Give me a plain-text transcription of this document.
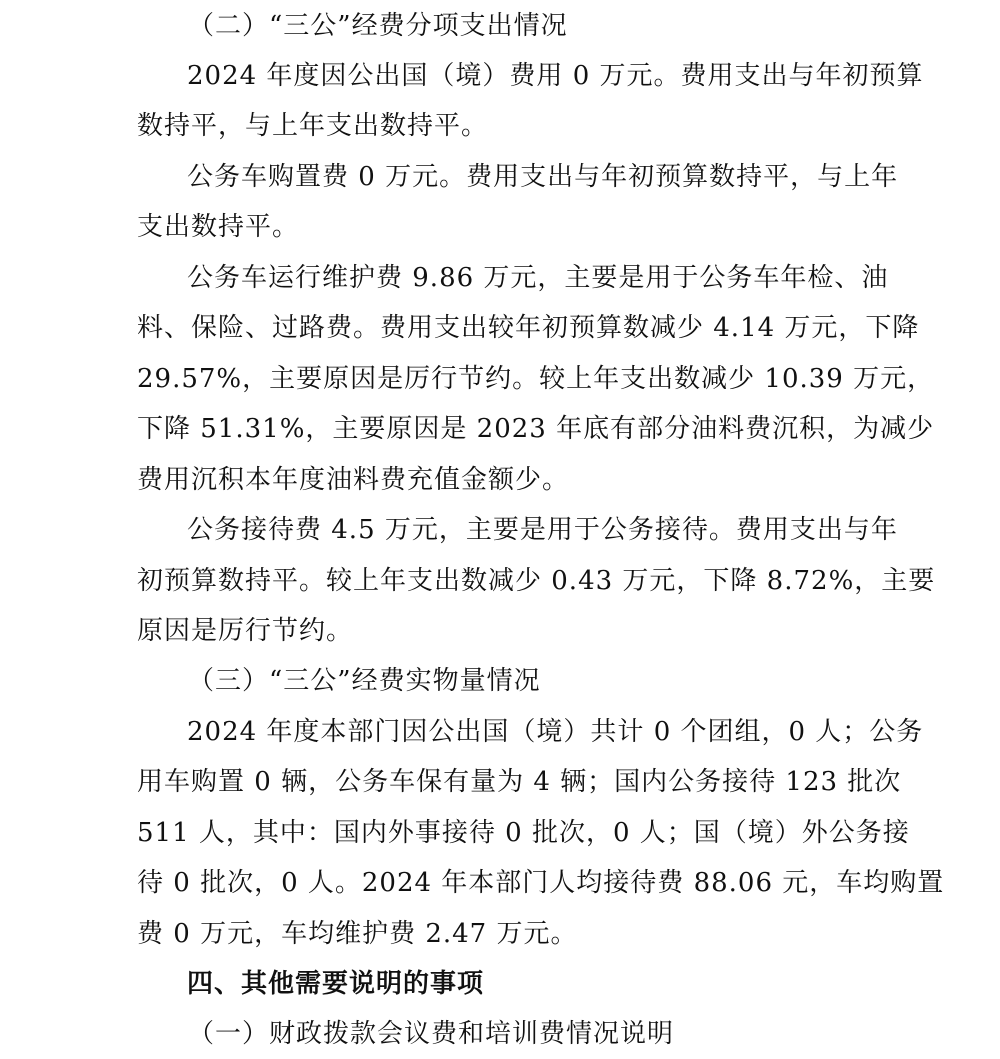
（二）“三公”经费分项支出情况
2024 年度因公出国（境）费用 0 万元。费用支出与年初预算
数持平，与上年支出数持平。
公务车购置费 0 万元。费用支出与年初预算数持平，与上年
支出数持平。
公务车运行维护费 9.86 万元，主要是用于公务车年检、油
料、保险、过路费。费用支出较年初预算数减少 4.14 万元，下降
29.57%，主要原因是厉行节约。较上年支出数减少 10.39 万元，
下降 51.31%，主要原因是 2023 年底有部分油料费沉积，为减少
费用沉积本年度油料费充值金额少。
公务接待费 4.5 万元，主要是用于公务接待。费用支出与年
初预算数持平。较上年支出数减少 0.43 万元，下降 8.72%，主要
原因是厉行节约。
（三）“三公”经费实物量情况
2024 年度本部门因公出国（境）共计 0 个团组，0 人；公务
用车购置 0 辆，公务车保有量为 4 辆；国内公务接待 123 批次
511 人，其中：国内外事接待 0 批次，0 人；国（境）外公务接
待 0 批次，0 人。2024 年本部门人均接待费 88.06 元，车均购置
费 0 万元，车均维护费 2.47 万元。
四、其他需要说明的事项
（一）财政拨款会议费和培训费情况说明
